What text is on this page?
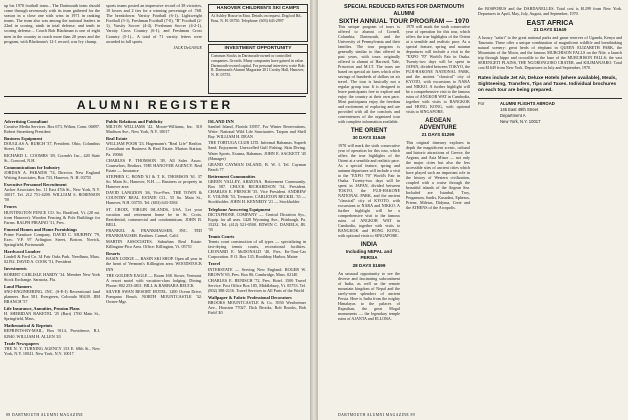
up his 1970 football team... The Dartmouth team should come through ravenously with its team gathered for the season in a close one with wins in 1971 in ranking teams. The team also was among the national leaders in 22nd in scoring, ninth in total defense, and tenth in scoring defense.... Coach Bob Blackman is one of eight men in the country to coach more than 20 years and the program, with Blackman's 12-1 record, was Ivy champ.

sports teams posted an impressive record of 38 victories, 10 losses and 2 ties for a winning percentage of .768. The breakdown: Varsity Football (6-1), Lightweight Football (5-1), Freshman Football (7-0), "B" Football (2-1), Varsity Soccer (4-4), Freshman Soccer (4-2-1), Varsity Cross Country (6-1), and Freshman Cross Country (5-1)... A total of 71 varsity letters were awarded in fall sports.

JACK DeGANGE
HANOVER CHILDREN'S SKI CAMPS
At Ashley House in Etna. Details on request. Dogford Rd., Etna, N. H. 03750. Telephone: (603) 643-2997
INVESTMENT OPPORTUNITY
Common Stocks in Dartmouth-owned or controlled companies. Growth. Many companies have gained in value. Dartmouth-owned capital. For personal interview write Bob R. Dartmouth Alumni Magazine 201 Crosby Hall, Hanover, N. H. 03755.
ALUMNI REGISTER
Advertising Consultant

Creative Media Services. Box 673, Wilton, Conn. 06897. Robert Stromberg President

Business Equipment

DOUGLAS A. BURCH '37, President. Ohio, Columbus Street, Ohio

RICHARD L. COOMBS '49, Coomb's Inc., 420 State St., Concord, N.H.

Communications for Industry

JORDAN A. PARADIS '74, Director. New England Writing Associates, Box 733, Hanover, N. H. 03755

Executive Personnel Recruitment

Archer Associates Inc. 11 East 47th St., New York, N.Y. 10017. Tel. 212 751-4200. WILLIAM S. ROBINSON '50

Fences

HUNTINGTON FENCE CO. So. Bradford, Vt. (20 mi. from Hanover). Wooden Fencing & Pole Buildings for Farms. RALPH PIRAINO '31, Pres.

Funeral Homes and Home Furnishings

Prime Furniture Company. DAVID C. MURPHY '79, Exec. V.P. 97 Arlington Street, Boston. Novick, Springfield, Portsmouth

Hardwood Lumber

Lindell & Ford Co. 34 Fair Oaks Park. Needham, Mass. 02192. DAVID A. COOK '51, President

Investments

ROBERT CARLISLE HARDY '34. Member New York Stock Exchange. Sarasota, Fla.

Land Planners

SNO-ENGINEERING, INC. (S-E-I) Recreational land planners. Box 581. Evergreen, Colorado 80439. JIM BRANCH '57

Life Insurance, Annuities, Pension Plans

H. SHERIDAN BAKETEL '25 (Bart) 1700 Main St., Springfield, Mass.

Mathematical & Reprints

REPRINTS-BY-MAIL, Box 9114, Providence, R.I. 02940. WILLIAM H. ALLEN '43

Trade Newspapers

THE N. Y. TURNING AGENCY 153 E. 68th St., New York, N.Y. 10021. New York, N.Y. 10017

Public Relations and Publicity

MILTON WILLIAMS '42. Moore-Williams, Inc. 310 Madison Ave., New York, N.Y. 10017

Real Estate

WILLIAM POOR '23. Hagemann's "Real Life" Realtor. Consultant on Business & Real Estate. Marion Station, Pa. 19066

CHARLES P. THOMSON '49, All Sales Assoc. Counselors, Realtors. THE HANOVER AGENCY. Real Estate — Insurance

STEPHEN C. BOND '61 & T. K. THOMSON '61. 37 So. Main St., Hanover, N.H. — Business or property in Hanover area

DAVID LANGDON '46, Vice-Pres. THE TOWN & COUNTRY REAL ESTATE CO., 55 So. Main St., Hanover, N.H. 03755. Tel. (603) 643-3584

ST. CROIX, VIRGIN ISLANDS, USA. Let your vacation and retirement home be in St. Croix. Residential, commercial and condominium. JOHN B. BELL

FRANKEL & FRANKHAUSER, INC. TED FRANKHAUSER. Realtors. Carmel, Calif.

MARTIN ASSOCIATES. Suburban Real Estate. Killington-Pico Area. Office: Killington, Vt. 05751

Resorts

BASIN LODGE — BASIN SKI SHOP. Open all year in the heart of Vermont's Killington area. WOODSTOCK INN

THE GOLDEN EAGLE — Room 168. Stowe, Vermont. A resort motel with vacation-class lodging. Dining. Phone: 802 253-4811. BILL & BARBARA BEUCK

SILVER SWAN RESORT HOTEL. 1200 Ocean Drive, Pompano Beach. NORTH MOUNTCASTLE '32. Owner-Mgr.

ISLAND INN

Sanibel Island, Florida 33957. For Winter Reservations, Write: National Wild Life Sanctuaries. Tarpon and Shell Bay. WILLIAM H. DEAN

THE TORTUGA CLUB LTD. Informal Bahamas. Superb Sand. Enjoyment. Unexcelled Gulf Fishing. Skin Diving. Water Sports. Exuma, Bahamas. JOHN E. SACKETT '45 (Manager)

GRAND CAYMAN ISLAND, B. W. I. Tel. Cayman Beach 77

Retirement Communities

GREEN VALLEY, ARIZONA. Retirement Community. Box 587. CHUCK RICHARDSON '54, President. CHARLES E. FRENCH '35, Vice President. ANDREW E. VOLINK '53, Treasurer. CARLETON BECKEL '35 — Stockholder. JOHN H. KENNEDY '21 — Stockholder

Telephone Answering Equipment

DICTAPHONE COMPANY — Central Dictation Sys., Equip. for all uses. 1420 Wyoming Ave., Pittsburgh, Pa. 15232. Tel. (412) 521-0500. EDWIN C. DANIELS, JR. '35

Tennis Courts

Tennis court construction of all types — specializing in fast-drying tennis courts, recreational facilities. LEONARD E. McDONALD '40, Pres. En-Tout-Cas Corporation. P. O. Box 135, Boothbay Harbor, Maine

Travel

INTERSTATE — Serving New England. ROGER W. BROWN '65, Pres. Box 86, Cambridge, Mass. 02140

CHARLES E. BENISCH '72, Pres. Hotel. 1500 Travel Service. Post Office Box 185, Middlebury, Vt. 05753. Tel. (802) 388-2116. Travel Services to All Parts of the World

Wallpaper & Fabric Professional Decorators

BROOKS MOUNTCASTLE & Co. 3930 Westheimer Ave., Houston 77027. Dick Brooks, Bob Brooks, Bob Field '40

88 DARTMOUTH ALUMNI MAGAZINE
SPECIAL REDUCED RATES FOR DARTMOUTH ALUMNI
SIXTH ANNUAL TOUR PROGRAM — 1970

This unique program of tours is offered to alumni of Cornell, Columbia, Dartmouth, and the University of Pennsylvania and their families. The tour program is generally similar to that offered in past years, with tours originally offered to alumni of Harvard, Yale, Princeton and M.I.T. The tours are based on special air fares which offer savings of hundreds of dollars on air travel. The tour is basically not a regular group tour. It is designed to leave participants free to explore and enjoy the country at their own pace. Most participants enjoy the freedom and excitement of exploring and are provided with all the comforts and conveniences of the organized tour with complete information available.

THE ORIENT
30 DAYS $1649

1970 will mark the sixth consecutive year of operation for this tour, which offers the true highlights of the Orient at a sensible and realistic pace. As a special feature, spring and autumn departures will include a visit to the "EXPO '70" World's Fair in Osaka. Twenty-two days will be spent in JAPAN, divided between TOKYO, the FUJI-HAKONE NATIONAL PARK, and the ancient "classical" city of KYOTO, with excursions to NARA and NIKKO. A further highlight will be a comprehensive visit to the famous ruins of ANGKOR WAT in Cambodia, together with visits to BANGKOK and HONG KONG, with optional visits to SINGAPORE.

INDIA
Including NEPAL and PERSIA
28 DAYS $1699

An unusual opportunity to see the diverse and fascinating subcontinent of India, as well as the remote mountain kingdom of Nepal and the rarely-seen splendors of ancient Persia. Here is India from the mighty Himalayas to the palaces of Rajasthan, the great Mogul monuments — the legendary temple ruins of AJANTA and ELLORA.

1970 will mark the sixth consecutive year of operation for this tour, which offers the true highlights of the Orient at a sensible and realistic pace. As a special feature, spring and autumn departures will include a visit to the "EXPO '70" World's Fair in Osaka. Twenty-two days will be spent in JAPAN, divided between TOKYO, the FUJI-HAKONE NATIONAL PARK, and the ancient "classical" city of KYOTO, with excursions to NARA and NIKKO. A further highlight will be a comprehensive visit to the famous ruins of ANGKOR WAT in Cambodia, together with visits to BANGKOK and HONG KONG, with optional visits to SINGAPORE.

AEGEAN ADVENTURE
21 DAYS $1299

This original itinerary explores in depth the magnificent scenic, cultural and historic attractions of Greece, the Aegean, and Asia Minor — not only the major cities but also the less accessible sites of ancient cities which have played such an important role in the history of Western civilization, coupled with a cruise through the beautiful islands of the Aegean Sea. Included are Istanbul, Troy, Pergamum, Sardis, Kusadasi, Ephesus, Priene, Miletus, Didyma, Crete and the ATHENS of the Acropolis.

the BOSPORUS and the DARDANELLES. Total cost is $1299 from New York. Departures in April, May, July, August, and September, 1970.

EAST AFRICA
21 DAYS $1649

A luxury "safari" to the great national parks and game reserves of Uganda, Kenya and Tanzania. These offer a unique combination of magnificent wildlife and breathtaking natural scenery: great herds of elephant in QUEEN ELIZABETH PARK, the Mountains of the Moon, and the famous MURCHISON FALLS on the Nile; a launch trip through hippo and crocodile to the base of the MURCHISON FALLS; the vast SERENGETI PLAINS, THE NGORONGORO CRATER, and KILIMANJARO. Total cost $1649 from New York. Departures in July and September, 1970.

Rates include Jet Air, Deluxe Hotels (where available), Meals, Sightseeing, Transfers, Tips and Taxes. Individual brochures on each tour are being prepared.
For	ALUMNI FLIGHTS ABROAD
145 East 49th Street
Department A
New York, N.Y. 10017
DARTMOUTH ALUMNI MAGAZINE 89
